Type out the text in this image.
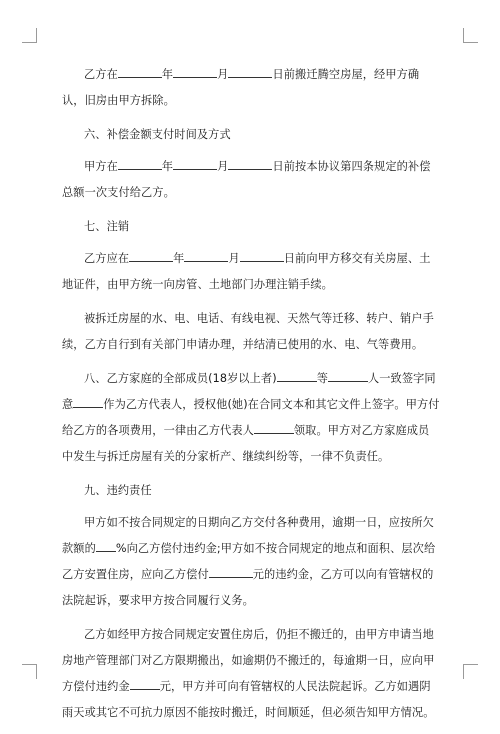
乙方在	年	月	日前搬迁腾空房屋，经甲方确认，旧房由甲方拆除。

六、补偿金额支付时间及方式

甲方在	年	月	日前按本协议第四条规定的补偿总额一次支付给乙方。

七、注销

乙方应在	年	月	日前向甲方移交有关房屋、土地证件，由甲方统一向房管、土地部门办理注销手续。

被拆迁房屋的水、电、电话、有线电视、天然气等迁移、转户、销户手续，乙方自行到有关部门申请办理，并结清已使用的水、电、气等费用。

八、乙方家庭的全部成员(18岁以上者)	等	人一致签字同意	作为乙方代表人，授权他(她)在合同文本和其它文件上签字。甲方付给乙方的各项费用，一律由乙方代表人	领取。甲方对乙方家庭成员中发生与拆迁房屋有关的分家析产、继续纠纷等，一律不负责任。

九、违约责任

甲方如不按合同规定的日期向乙方交付各种费用，逾期一日，应按所欠款额的 %向乙方偿付违约金;甲方如不按合同规定的地点和面积、层次给乙方安置住房，应向乙方偿付	元的违约金，乙方可以向有管辖权的法院起诉，要求甲方按合同履行义务。

乙方如经甲方按合同规定安置住房后，仍拒不搬迁的，由甲方申请当地房地产管理部门对乙方限期搬出，如逾期仍不搬迁的，每逾期一日，应向甲方偿付违约金	元，甲方并可向有管辖权的人民法院起诉。乙方如遇阴雨天或其它不可抗力原因不能按时搬迁，时间顺延，但必须告知甲方情况。
